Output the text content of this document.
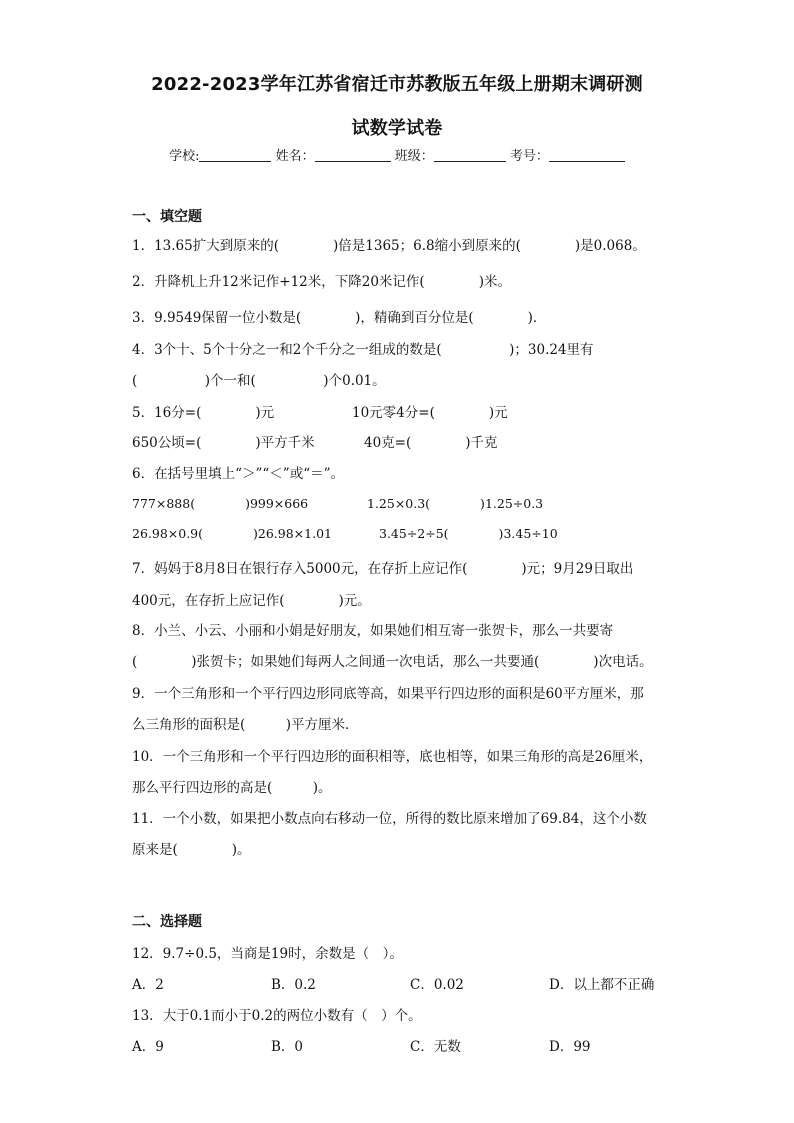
2022-2023学年江苏省宿迁市苏教版五年级上册期末调研测
试数学试卷
学校:	姓名：	班级：	考号：
一、填空题
1．13.65扩大到原来的(　　　　)倍是1365；6.8缩小到原来的(　　　　)是0.068。
2．升降机上升12米记作+12米，下降20米记作(　　　　)米。
3．9.9549保留一位小数是(　　　　)，精确到百分位是(　　　　)．
4．3个十、5个十分之一和2个千分之一组成的数是(　　　　　)；30.24里有
(　　　　　)个一和(　　　　　)个0.01。
5．16分=(　　　　)元	10元零4分=(　　　　)元
650公顷=(　　　　)平方千米	40克=(　　　　)千克
6．在括号里填上“＞”“＜”或“＝”。
777×888(　　　　)999×666	1.25×0.3(　　　　)1.25÷0.3
26.98×0.9(　　　　)26.98×1.01	3.45÷2÷5(　　　　)3.45÷10
7．妈妈于8月8日在银行存入5000元，在存折上应记作(　　　　)元；9月29日取出
400元，在存折上应记作(　　　　)元。
8．小兰、小云、小丽和小娟是好朋友，如果她们相互寄一张贺卡，那么一共要寄
(　　　　)张贺卡；如果她们每两人之间通一次电话，那么一共要通(　　　　)次电话。
9．一个三角形和一个平行四边形同底等高，如果平行四边形的面积是60平方厘米，那
么三角形的面积是(　　　)平方厘米．
10．一个三角形和一个平行四边形的面积相等，底也相等，如果三角形的高是26厘米，
那么平行四边形的高是(　　　)。
11．一个小数，如果把小数点向右移动一位，所得的数比原来增加了69.84，这个小数
原来是(　　　　)。
二、选择题
12．9.7÷0.5，当商是19时，余数是（　）。
A．2	B．0.2	C．0.02	D．以上都不正确
13．大于0.1而小于0.2的两位小数有（　）个。
A．9	B．0	C．无数	D．99
